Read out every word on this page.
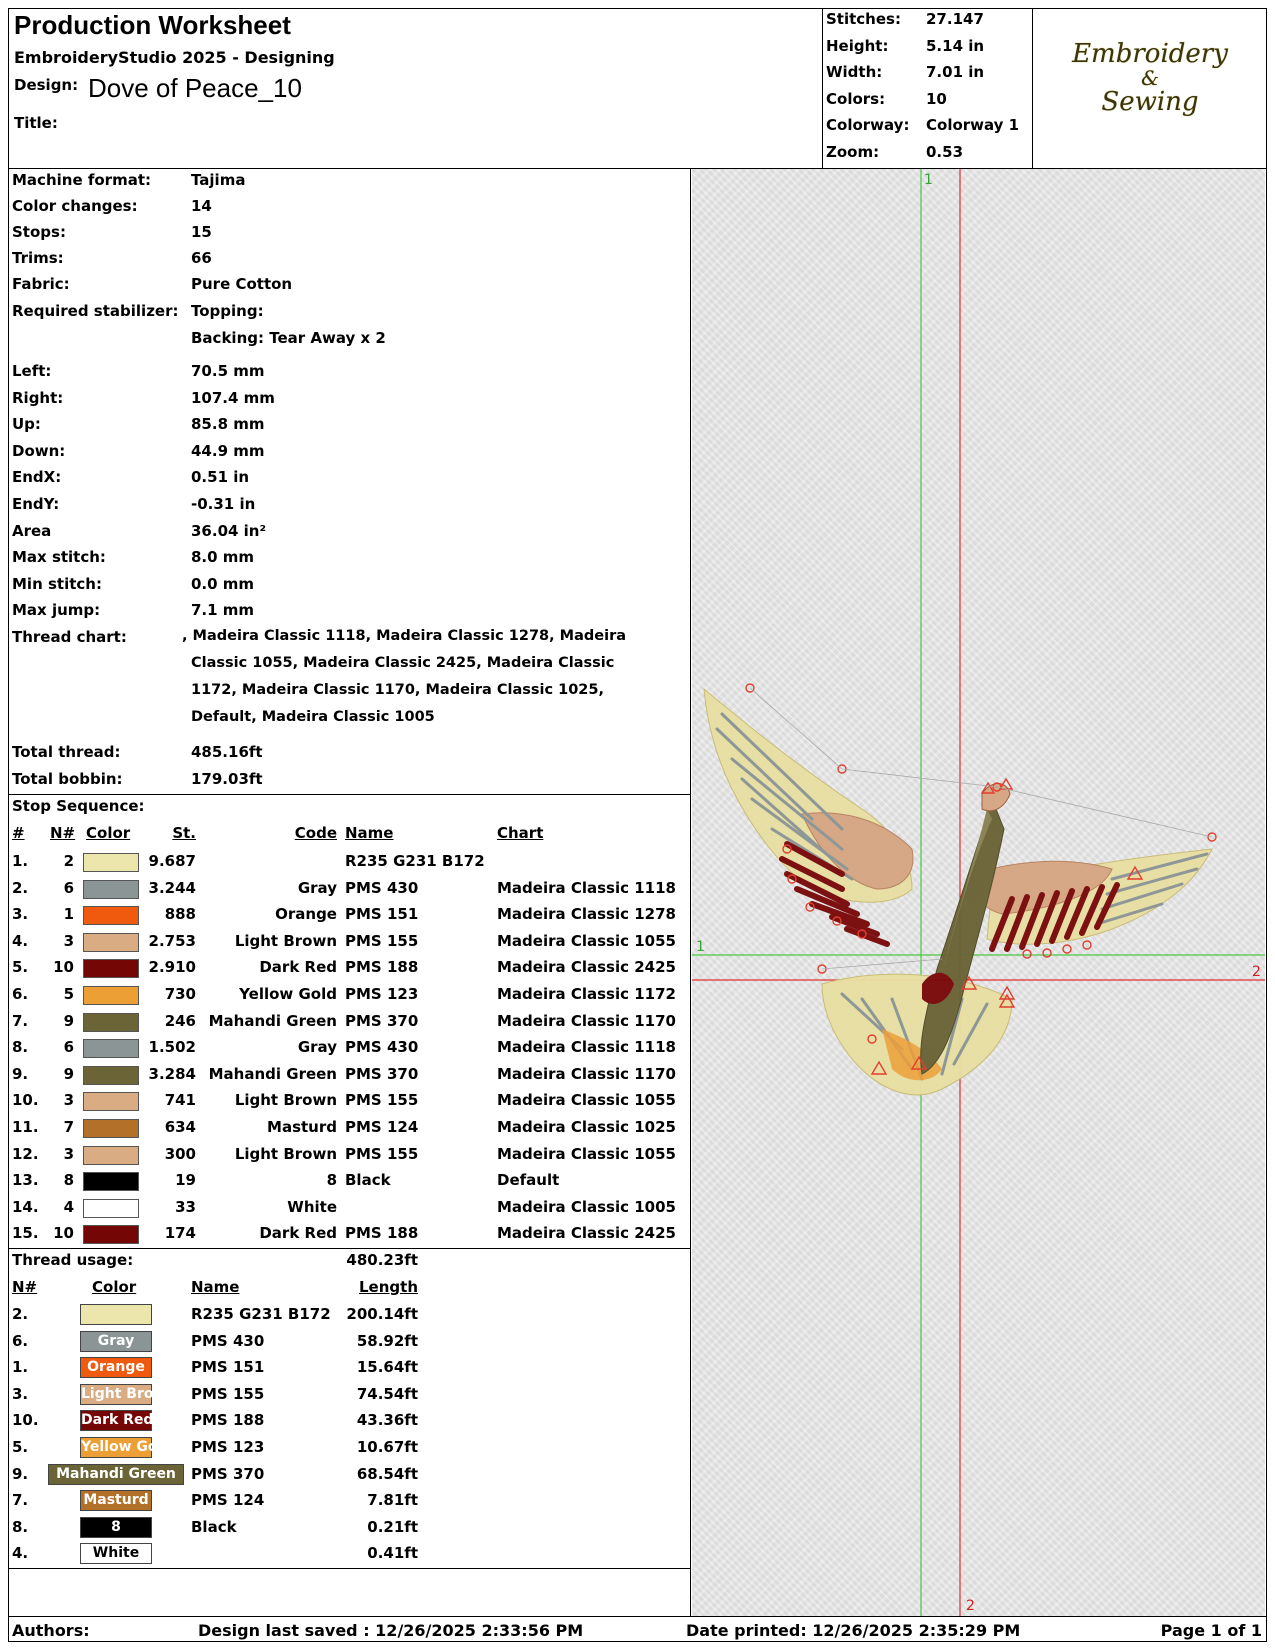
Production Worksheet
EmbroideryStudio 2025 - Designing
Design: Dove of Peace_10
Title:
Stitches: 27.147
Height:	5.14 in
Width:	7.01 in
Colors:	10
Colorway: Colorway 1
Zoom:	0.53
Embroidery
&
Sewing
Machine format:	Tajima
Color changes:	14
Stops:	15
Trims:	66
Fabric:	Pure Cotton
Required stabilizer: Topping:
Backing: Tear Away x 2
Left:	70.5 mm
Right:	107.4 mm
Up:	85.8 mm
Down:	44.9 mm
EndX:	0.51 in
EndY:	-0.31 in
Area	36.04 in²
Max stitch:	8.0 mm
Min stitch:	0.0 mm
Max jump:	7.1 mm
Thread chart:	, Madeira Classic 1118, Madeira Classic 1278, Madeira
Classic 1055, Madeira Classic 2425, Madeira Classic
1172, Madeira Classic 1170, Madeira Classic 1025,
Default, Madeira Classic 1005
Total thread:	485.16ft
Total bobbin:	179.03ft
Stop Sequence:
# N# Color	St.	Code Name	Chart
1.	2	9.687	R235 G231 B172
2.	6	3.244	Gray PMS 430	Madeira Classic 1118
3.	1	888	Orange PMS 151	Madeira Classic 1278
4.	3	2.753	Light Brown PMS 155	Madeira Classic 1055
5.	10	2.910	Dark Red PMS 188	Madeira Classic 2425
6.	5	730	Yellow Gold PMS 123	Madeira Classic 1172
7.	9	246 Mahandi Green PMS 370	Madeira Classic 1170
8.	6	1.502	Gray PMS 430	Madeira Classic 1118
9.	9	3.284 Mahandi Green PMS 370	Madeira Classic 1170
10.	3	741	Light Brown PMS 155	Madeira Classic 1055
11.	7	634	Masturd PMS 124	Madeira Classic 1025
12.	3	300	Light Brown PMS 155	Madeira Classic 1055
13.	8	19	8 Black	Default
14.	4	33	White	Madeira Classic 1005
15. 10	174	Dark Red PMS 188	Madeira Classic 2425
Thread usage:	480.23ft
N#	Color	Name	Length
2.	R235 G231 B172	200.14ft
6.	Gray	PMS 430	58.92ft
1.	Orange	PMS 151	15.64ft
3.	Light Brown PMS 155	74.54ft
10.	Dark Red	PMS 188	43.36ft
5.	Yellow Gold PMS 123	10.67ft
9.	Mahandi Green	PMS 370	68.54ft
7.	Masturd	PMS 124	7.81ft
8.	8	Black	0.21ft
4.	White	0.41ft
1
1
2
2
Authors:	Design last saved : 12/26/2025 2:33:56 PM	Date printed: 12/26/2025 2:35:29 PM	Page 1 of 1
